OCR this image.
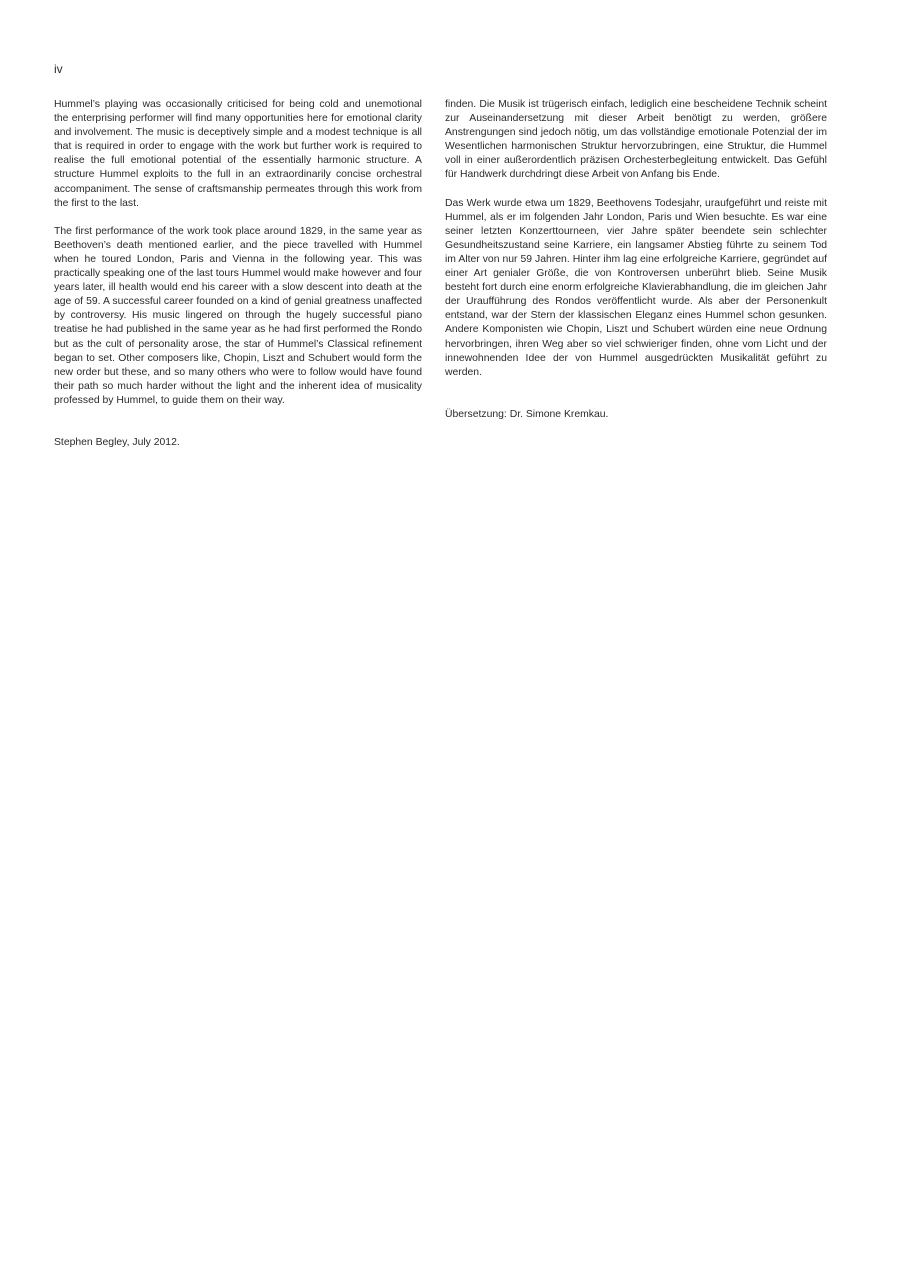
iv

Hummel’s playing was occasionally criticised for being cold and unemotional the enterprising performer will find many opportunities here for emotional clarity and involvement. The music is deceptively simple and a modest technique is all that is required in order to engage with the work but further work is required to realise the full emotional potential of the essentially harmonic structure. A structure Hummel exploits to the full in an extraordinarily concise orchestral accompaniment. The sense of craftsmanship permeates through this work from the first to the last.

The first performance of the work took place around 1829, in the same year as Beethoven’s death mentioned earlier, and the piece travelled with Hummel when he toured London, Paris and Vienna in the following year. This was practically speaking one of the last tours Hummel would make however and four years later, ill health would end his career with a slow descent into death at the age of 59. A successful career founded on a kind of genial greatness unaffected by controversy. His music lingered on through the hugely successful piano treatise he had published in the same year as he had first performed the Rondo but as the cult of personality arose, the star of Hummel’s Classical refinement began to set. Other composers like, Chopin, Liszt and Schubert would form the new order but these, and so many others who were to follow would have found their path so much harder without the light and the inherent idea of musicality professed by Hummel, to guide them on their way.

Stephen Begley, July 2012.

finden. Die Musik ist trügerisch einfach, lediglich eine bescheidene Technik scheint zur Auseinandersetzung mit dieser Arbeit benötigt zu werden, größere Anstrengungen sind jedoch nötig, um das vollständige emotionale Potenzial der im Wesentlichen harmonischen Struktur hervorzubringen, eine Struktur, die Hummel voll in einer außerordentlich präzisen Orchesterbegleitung entwickelt. Das Gefühl für Handwerk durchdringt diese Arbeit von Anfang bis Ende.

Das Werk wurde etwa um 1829, Beethovens Todesjahr, uraufgeführt und reiste mit Hummel, als er im folgenden Jahr London, Paris und Wien besuchte. Es war eine seiner letzten Konzerttourneen, vier Jahre später beendete sein schlechter Gesundheitszustand seine Karriere, ein langsamer Abstieg führte zu seinem Tod im Alter von nur 59 Jahren. Hinter ihm lag eine erfolgreiche Karriere, gegründet auf einer Art genialer Größe, die von Kontroversen unberührt blieb. Seine Musik besteht fort durch eine enorm erfolgreiche Klavierabhandlung, die im gleichen Jahr der Uraufführung des Rondos veröffentlicht wurde. Als aber der Personenkult entstand, war der Stern der klassischen Eleganz eines Hummel schon gesunken. Andere Komponisten wie Chopin, Liszt und Schubert würden eine neue Ordnung hervorbringen, ihren Weg aber so viel schwieriger finden, ohne vom Licht und der innewohnenden Idee der von Hummel ausgedrückten Musikalität geführt zu werden.

Übersetzung: Dr. Simone Kremkau.
